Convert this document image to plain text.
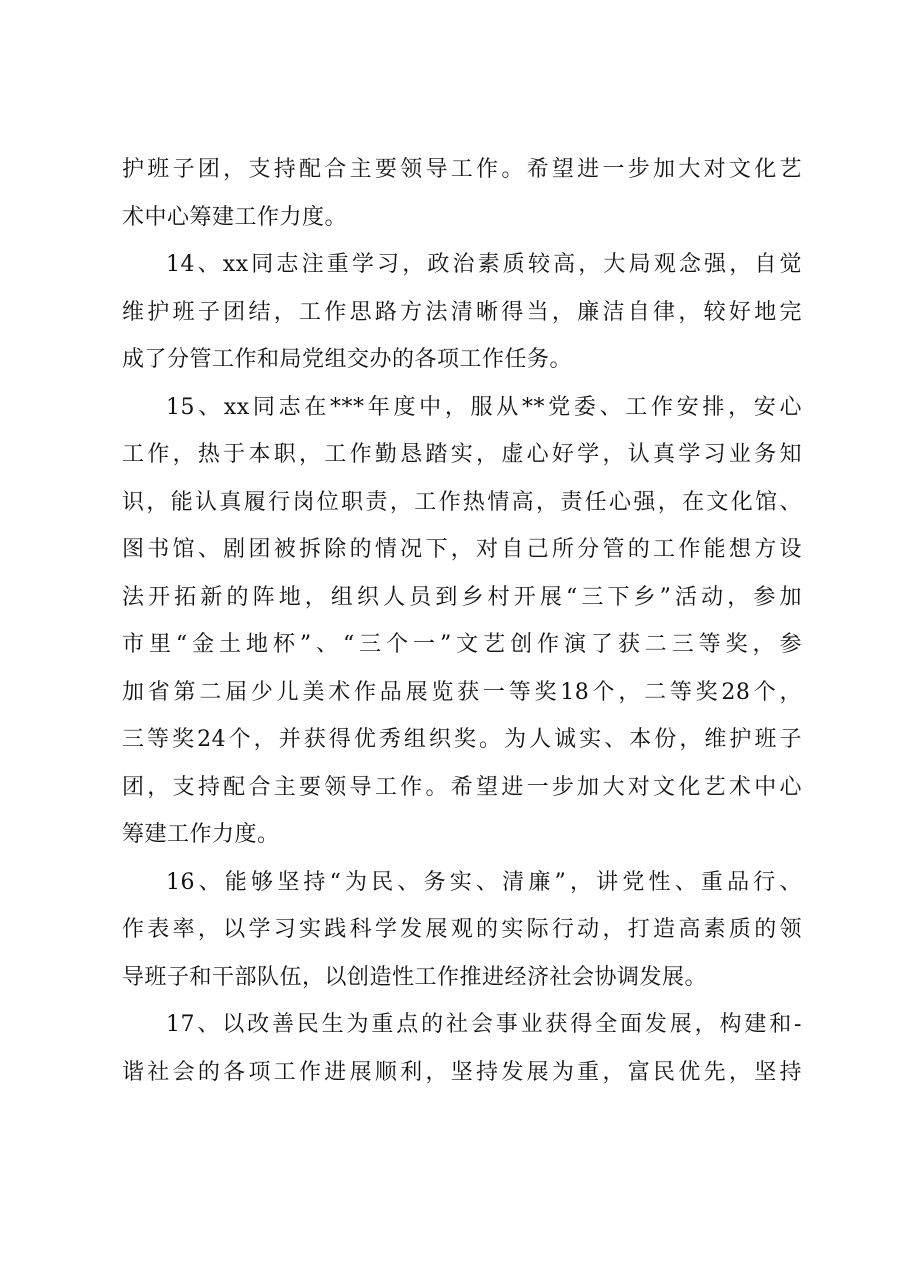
护班子团，支持配合主要领导工作。希望进一步加大对文化艺
术中心筹建工作力度。
14、xx同志注重学习，政治素质较高，大局观念强，自觉
维护班子团结，工作思路方法清晰得当，廉洁自律，较好地完
成了分管工作和局党组交办的各项工作任务。
15、xx同志在***年度中，服从**党委、工作安排，安心
工作，热于本职，工作勤恳踏实，虚心好学，认真学习业务知
识，能认真履行岗位职责，工作热情高，责任心强，在文化馆、
图书馆、剧团被拆除的情况下，对自己所分管的工作能想方设
法开拓新的阵地，组织人员到乡村开展“三下乡”活动，参加
市里“金土地杯”、“三个一”文艺创作演了获二三等奖，参
加省第二届少儿美术作品展览获一等奖18个，二等奖28个，
三等奖24个，并获得优秀组织奖。为人诚实、本份，维护班子
团，支持配合主要领导工作。希望进一步加大对文化艺术中心
筹建工作力度。
16、能够坚持“为民、务实、清廉”，讲党性、重品行、
作表率，以学习实践科学发展观的实际行动，打造高素质的领
导班子和干部队伍，以创造性工作推进经济社会协调发展。
17、以改善民生为重点的社会事业获得全面发展，构建和-
谐社会的各项工作进展顺利，坚持发展为重，富民优先，坚持
